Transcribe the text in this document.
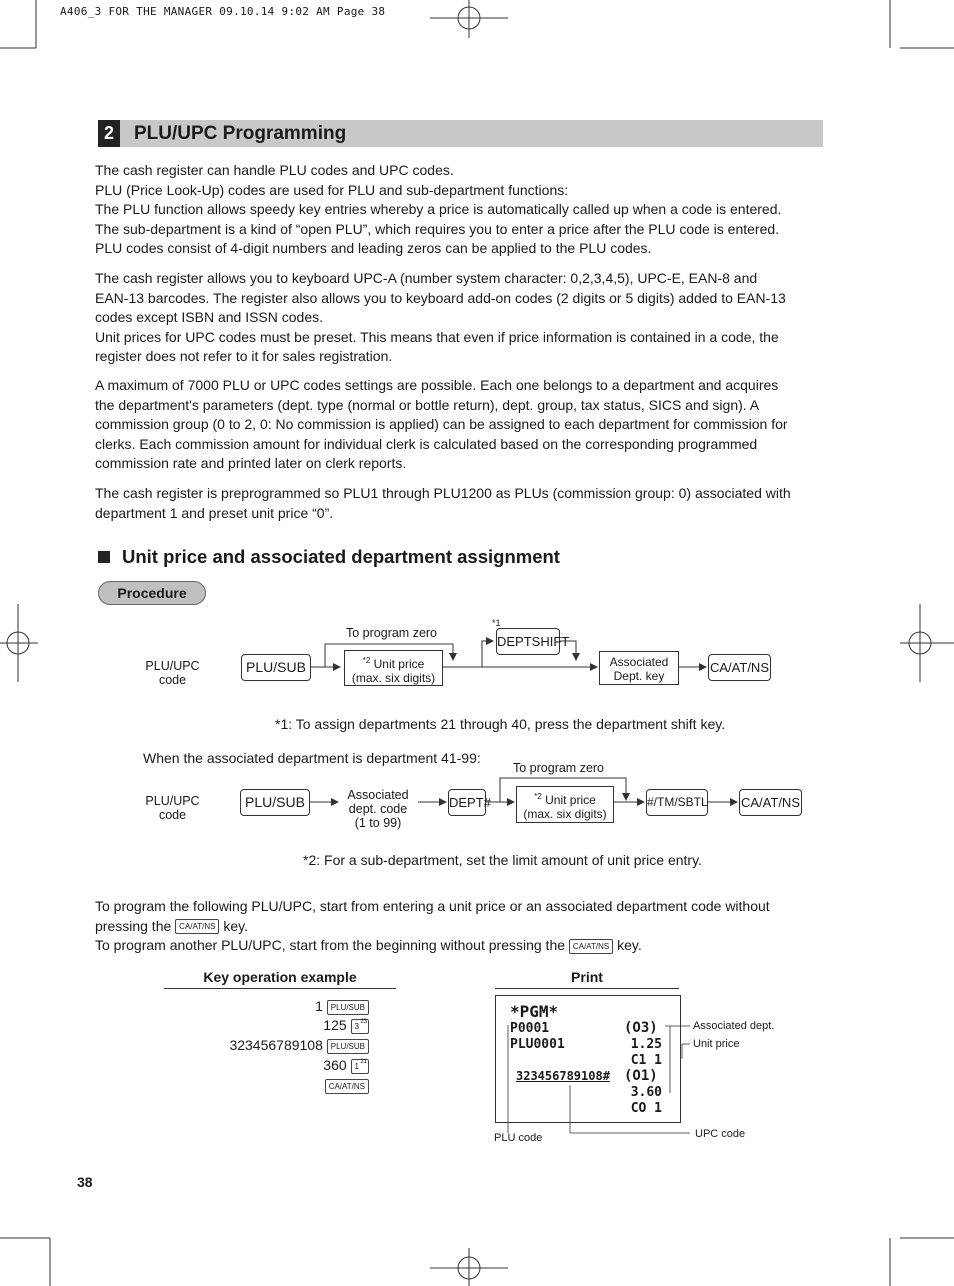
A406_3 FOR THE MANAGER 09.10.14 9:02 AM Page 38
2	PLU/UPC Programming
The cash register can handle PLU codes and UPC codes.
PLU (Price Look-Up) codes are used for PLU and sub-department functions:
The PLU function allows speedy key entries whereby a price is automatically called up when a code is entered.
The sub-department is a kind of “open PLU”, which requires you to enter a price after the PLU code is entered.
PLU codes consist of 4-digit numbers and leading zeros can be applied to the PLU codes.
The cash register allows you to keyboard UPC-A (number system character: 0,2,3,4,5), UPC-E, EAN-8 and
EAN-13 barcodes. The register also allows you to keyboard add-on codes (2 digits or 5 digits) added to EAN-13
codes except ISBN and ISSN codes.
Unit prices for UPC codes must be preset. This means that even if price information is contained in a code, the
register does not refer to it for sales registration.
A maximum of 7000 PLU or UPC codes settings are possible. Each one belongs to a department and acquires
the department's parameters (dept. type (normal or bottle return), dept. group, tax status, SICS and sign). A
commission group (0 to 2, 0: No commission is applied) can be assigned to each department for commission for
clerks. Each commission amount for individual clerk is calculated based on the corresponding programmed
commission rate and printed later on clerk reports.
The cash register is preprogrammed so PLU1 through PLU1200 as PLUs (commission group: 0) associated with
department 1 and preset unit price “0”.
Unit price and associated department assignment
Procedure
PLU/UPC
code
PLU/SUB
To program zero
$^{*2}$ Unit price
(max. six digits)
*1
DEPTSHIFT
Associated
Dept. key
CA/AT/NS
*1: To assign departments 21 through 40, press the department shift key.
When the associated department is department 41-99:
PLU/UPC
code
PLU/SUB	Associated
dept. code
(1 to 99)
DEPT#
To program zero
$^{*2}$ Unit price
(max. six digits)
#/TM/SBTL	CA/AT/NS
*2: For a sub-department, set the limit amount of unit price entry.
To program the following PLU/UPC, start from entering a unit price or an associated department code without
pressing the CA/AT/NS key.
To program another PLU/UPC, start from the beginning without pressing the CA/AT/NS key.
Key operation example
1 PLU/SUB
125 3 23
323456789108 PLU/SUB
360 1 21
CA/AT/NS
Print
*PGM*
P0001	(O3)
PLU0001	1.25
C1 1
323456789108# (O1)
3.60
CO 1
Associated dept.
Unit price
PLU code	UPC code
38
